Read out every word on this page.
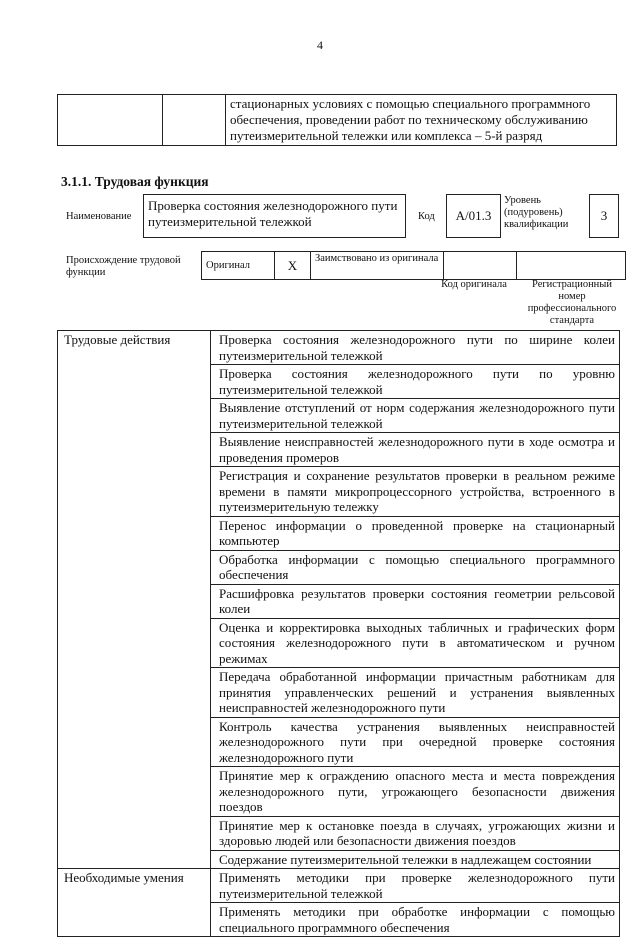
4
		стационарных условиях с помощью специального программного обеспечения, проведении работ по техническому обслуживанию путеизмерительной тележки или комплекса – 5-й разряд
3.1.1. Трудовая функция
Наименование
Проверка состояния железнодорожного пути путеизмерительной тележкой	Код	A/01.3
Уровень (подуровень) квалификации
3
Происхождение трудовой функции
Оригинал	X	Заимствовано из оригинала		
Код оригинала	Регистрационный номер профессионального стандарта
Трудовые действия	Проверка состояния железнодорожного пути по ширине колеи путеизмерительной тележкой
	Проверка состояния железнодорожного пути по уровню путеизмерительной тележкой
	Выявление отступлений от норм содержания железнодорожного пути путеизмерительной тележкой
	Выявление неисправностей железнодорожного пути в ходе осмотра и проведения промеров
	Регистрация и сохранение результатов проверки в реальном режиме времени в памяти микропроцессорного устройства, встроенного в путеизмерительную тележку
	Перенос информации о проведенной проверке на стационарный компьютер
	Обработка информации с помощью специального программного обеспечения
	Расшифровка результатов проверки состояния геометрии рельсовой колеи
	Оценка и корректировка выходных табличных и графических форм состояния железнодорожного пути в автоматическом и ручном режимах
	Передача обработанной информации причастным работникам для принятия управленческих решений и устранения выявленных неисправностей железнодорожного пути
	Контроль качества устранения выявленных неисправностей железнодорожного пути при очередной проверке состояния железнодорожного пути
	Принятие мер к ограждению опасного места и места повреждения железнодорожного пути, угрожающего безопасности движения поездов
	Принятие мер к остановке поезда в случаях, угрожающих жизни и здоровью людей или безопасности движения поездов
	Содержание путеизмерительной тележки в надлежащем состоянии
Необходимые умения	Применять методики при проверке железнодорожного пути путеизмерительной тележкой
	Применять методики при обработке информации с помощью специального программного обеспечения
